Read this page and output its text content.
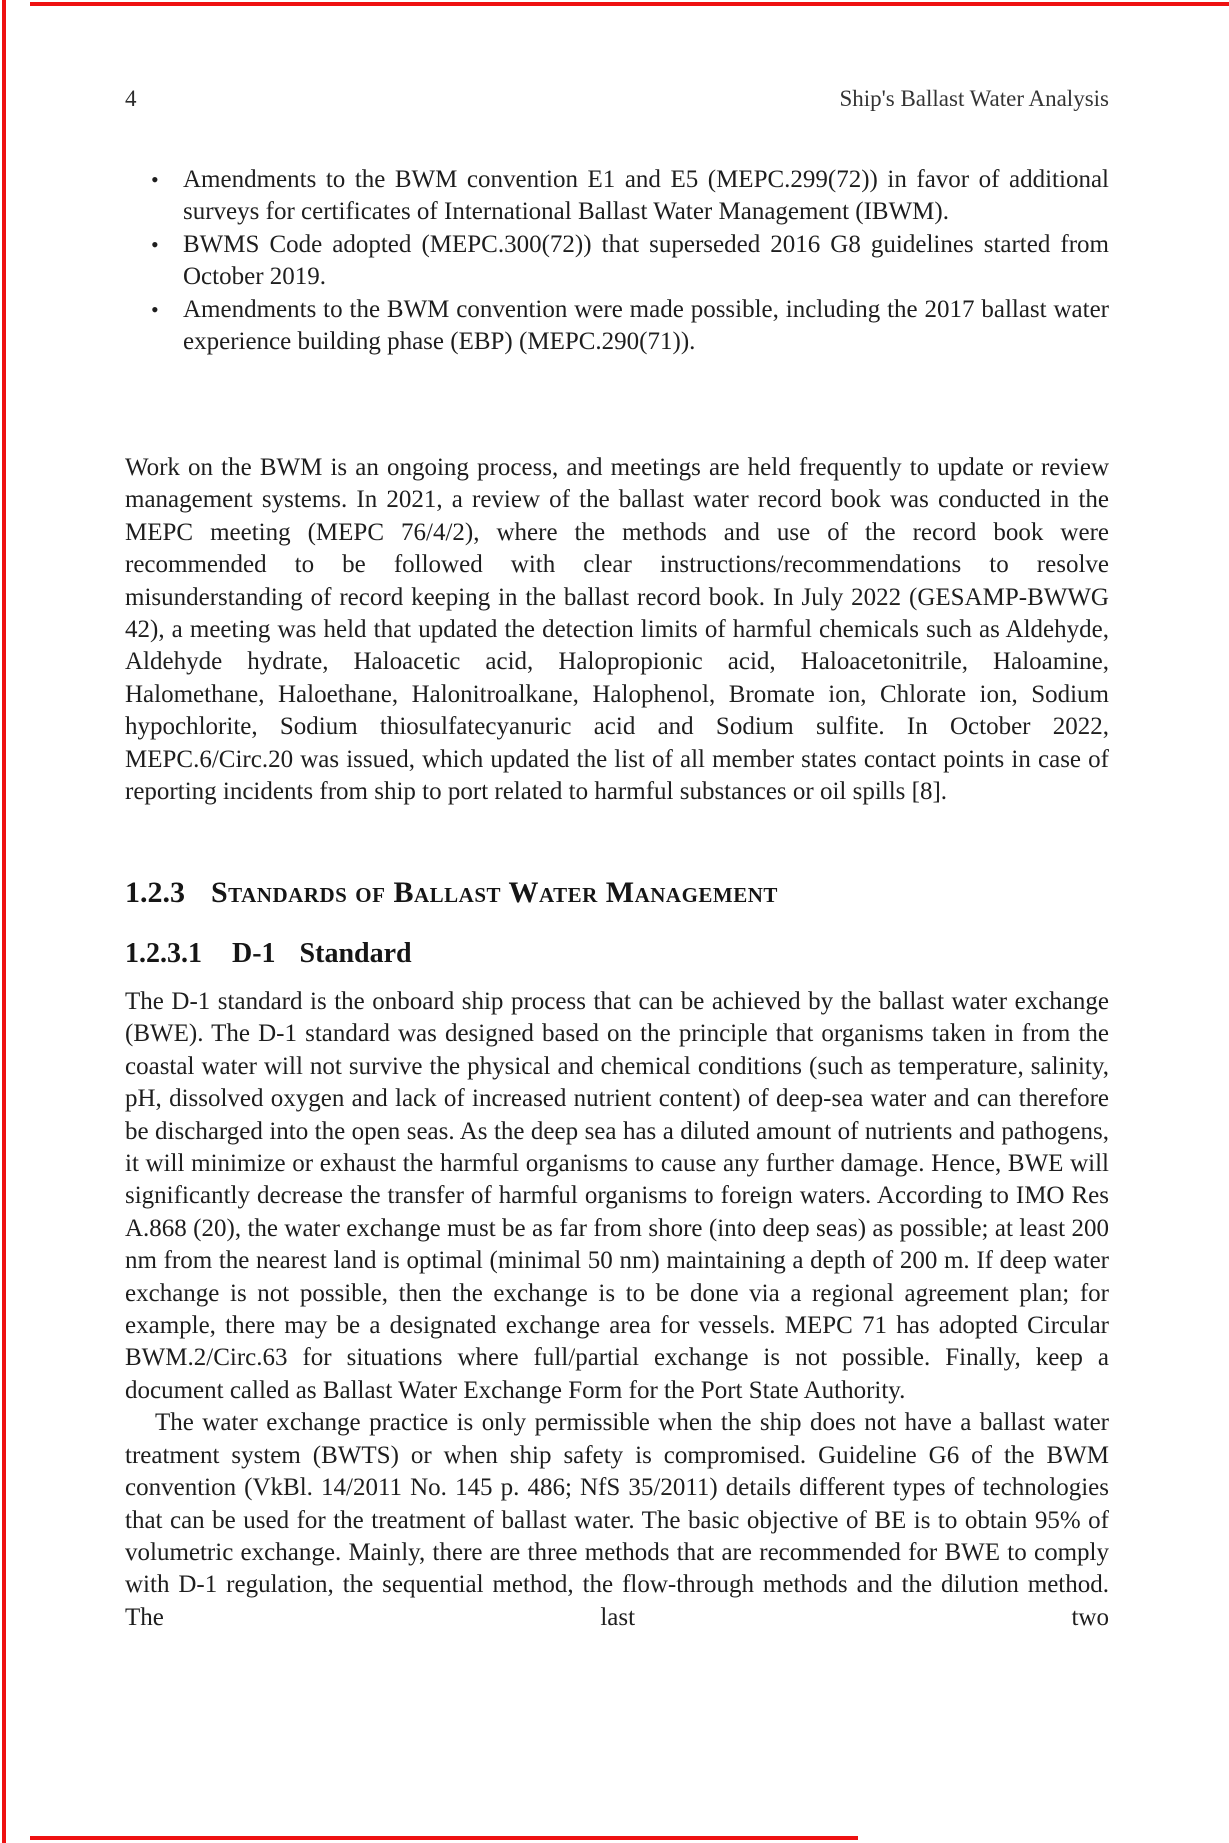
4	Ship's Ballast Water Analysis
• Amendments to the BWM convention E1 and E5 (MEPC.299(72)) in favor of additional surveys for certificates of International Ballast Water Management (IBWM).
• BWMS Code adopted (MEPC.300(72)) that superseded 2016 G8 guidelines started from October 2019.
• Amendments to the BWM convention were made possible, including the 2017 ballast water experience building phase (EBP) (MEPC.290(71)).

Work on the BWM is an ongoing process, and meetings are held frequently to update or review management systems. In 2021, a review of the ballast water record book was conducted in the MEPC meeting (MEPC 76/4/2), where the methods and use of the record book were recommended to be followed with clear instructions/recommendations to resolve misunderstanding of record keeping in the ballast record book. In July 2022 (GESAMP-BWWG 42), a meeting was held that updated the detection limits of harmful chemicals such as Aldehyde, Aldehyde hydrate, Haloacetic acid, Halopropionic acid, Haloacetonitrile, Haloamine, Halomethane, Haloethane, Halonitroalkane, Halophenol, Bromate ion, Chlorate ion, Sodium hypochlorite, Sodium thiosulfatecyanuric acid and Sodium sulfite. In October 2022, MEPC.6/Circ.20 was issued, which updated the list of all member states contact points in case of reporting incidents from ship to port related to harmful substances or oil spills [8].

1.2.3 Standards of Ballast Water Management
1.2.3.1 D-1 Standard

The D-1 standard is the onboard ship process that can be achieved by the ballast water exchange (BWE). The D-1 standard was designed based on the principle that organisms taken in from the coastal water will not survive the physical and chemical conditions (such as temperature, salinity, pH, dissolved oxygen and lack of increased nutrient content) of deep-sea water and can therefore be discharged into the open seas. As the deep sea has a diluted amount of nutrients and pathogens, it will minimize or exhaust the harmful organisms to cause any further damage. Hence, BWE will significantly decrease the transfer of harmful organisms to foreign waters. According to IMO Res A.868 (20), the water exchange must be as far from shore (into deep seas) as possible; at least 200 nm from the nearest land is optimal (minimal 50 nm) maintaining a depth of 200 m. If deep water exchange is not possible, then the exchange is to be done via a regional agreement plan; for example, there may be a designated exchange area for vessels. MEPC 71 has adopted Circular BWM.2/Circ.63 for situations where full/partial exchange is not possible. Finally, keep a document called as Ballast Water Exchange Form for the Port State Authority.

The water exchange practice is only permissible when the ship does not have a ballast water treatment system (BWTS) or when ship safety is compromised. Guideline G6 of the BWM convention (VkBl. 14/2011 No. 145 p. 486; NfS 35/2011) details different types of technologies that can be used for the treatment of ballast water. The basic objective of BE is to obtain 95% of volumetric exchange. Mainly, there are three methods that are recommended for BWE to comply with D-1 regulation, the sequential method, the flow-through methods and the dilution method. The last two
